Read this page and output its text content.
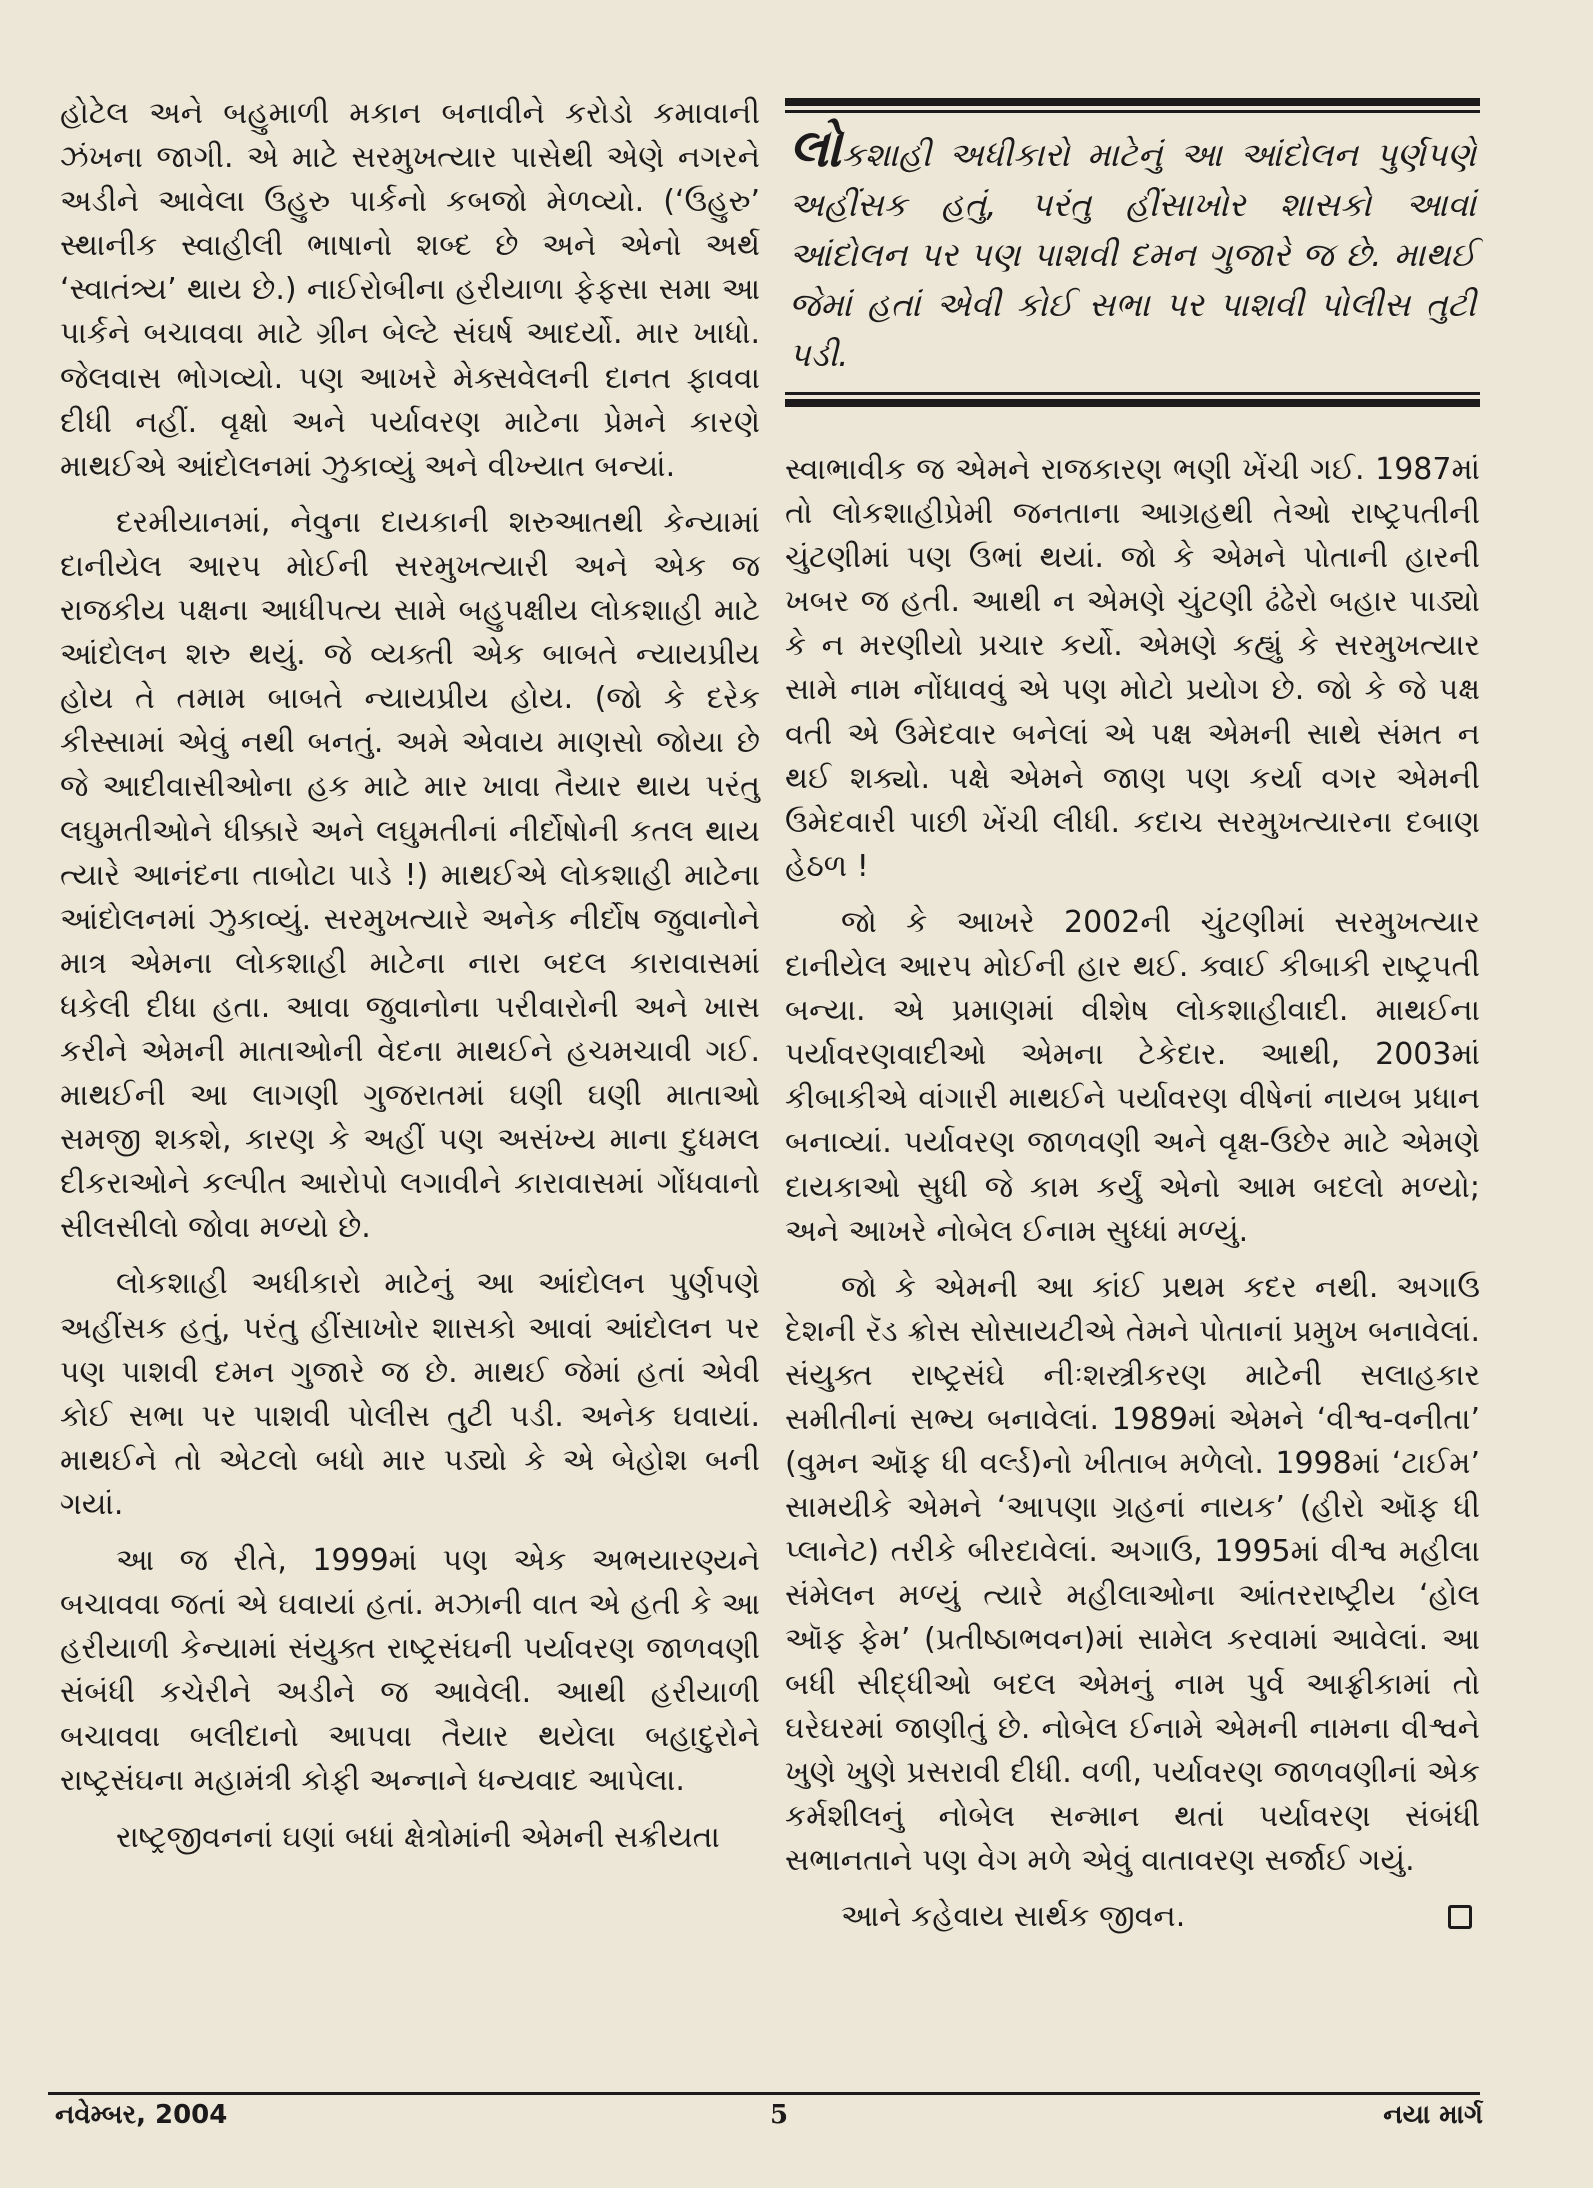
હોટેલ અને બહુમાળી મકાન બનાવીને કરોડો કમાવાની ઝંખના જાગી. એ માટે સરમુખત્યાર પાસેથી એણે નગરને અડીને આવેલા ઉહુરુ પાર્કનો કબજો મેળવ્યો. (‘ઉહુરુ’ સ્થાનીક સ્વાહીલી ભાષાનો શબ્દ છે અને એનો અર્થ ‘સ્વાતંત્ર્ય’ થાય છે.) નાઈરોબીના હરીયાળા ફેફસા સમા આ પાર્કને બચાવવા માટે ગ્રીન બેલ્ટે સંઘર્ષ આદર્યો. માર ખાધો. જેલવાસ ભોગવ્યો. પણ આખરે મેક્સવેલની દાનત ફાવવા દીધી નહીં. વૃક્ષો અને પર્યાવરણ માટેના પ્રેમને કારણે માથઈએ આંદોલનમાં ઝુકાવ્યું અને વીખ્યાત બન્યાં.

દરમીયાનમાં, નેવુના દાયકાની શરુઆતથી કેન્યામાં દાનીયેલ આરપ મોઈની સરમુખત્યારી અને એક જ રાજકીય પક્ષના આધીપત્ય સામે બહુપક્ષીય લોકશાહી માટે આંદોલન શરુ થયું. જે વ્યક્તી એક બાબતે ન્યાયપ્રીય હોય તે તમામ બાબતે ન્યાયપ્રીય હોય. (જો કે દરેક કીસ્સામાં એવું નથી બનતું. અમે એવાય માણસો જોયા છે જે આદીવાસીઓના હક માટે માર ખાવા તૈયાર થાય પરંતુ લઘુમતીઓને ધીક્કારે અને લઘુમતીનાં નીર્દોષોની કતલ થાય ત્યારે આનંદના તાબોટા પાડે !) માથઈએ લોકશાહી માટેના આંદોલનમાં ઝુકાવ્યું. સરમુખત્યારે અનેક નીર્દોષ જુવાનોને માત્ર એમના લોકશાહી માટેના નારા બદલ કારાવાસમાં ધકેલી દીધા હતા. આવા જુવાનોના પરીવારોની અને ખાસ કરીને એમની માતાઓની વેદના માથઈને હચમચાવી ગઈ. માથઈની આ લાગણી ગુજરાતમાં ઘણી ઘણી માતાઓ સમજી શકશે, કારણ કે અહીં પણ અસંખ્ય માના દુધમલ દીકરાઓને કલ્પીત આરોપો લગાવીને કારાવાસમાં ગોંધવાનો સીલસીલો જોવા મળ્યો છે.

લોકશાહી અધીકારો માટેનું આ આંદોલન પુર્ણપણે અહીંસક હતું, પરંતુ હીંસાખોર શાસકો આવાં આંદોલન પર પણ પાશવી દમન ગુજારે જ છે. માથઈ જેમાં હતાં એવી કોઈ સભા પર પાશવી પોલીસ તુટી પડી. અનેક ઘવાયાં. માથઈને તો એટલો બધો માર પડ્યો કે એ બેહોશ બની ગયાં.

આ જ રીતે, 1999માં પણ એક અભયારણ્યને બચાવવા જતાં એ ઘવાયાં હતાં. મઝાની વાત એ હતી કે આ હરીયાળી કેન્યામાં સંયુક્ત રાષ્ટ્રસંઘની પર્યાવરણ જાળવણી સંબંધી કચેરીને અડીને જ આવેલી. આથી હરીયાળી બચાવવા બલીદાનો આપવા તૈયાર થયેલા બહાદુરોને રાષ્ટ્રસંઘના મહામંત્રી કોફી અન્નાને ધન્યવાદ આપેલા.

રાષ્ટ્રજીવનનાં ઘણાં બધાં ક્ષેત્રોમાંની એમની સક્રીયતા

લોકશાહી અધીકારો માટેનું આ આંદોલન પુર્ણપણે અહીંસક હતું, પરંતુ હીંસાખોર શાસકો આવાં આંદોલન પર પણ પાશવી દમન ગુજારે જ છે. માથઈ જેમાં હતાં એવી કોઈ સભા પર પાશવી પોલીસ તુટી પડી.

સ્વાભાવીક જ એમને રાજકારણ ભણી ખેંચી ગઈ. 1987માં તો લોકશાહીપ્રેમી જનતાના આગ્રહથી તેઓ રાષ્ટ્રપતીની ચુંટણીમાં પણ ઉભાં થયાં. જો કે એમને પોતાની હારની ખબર જ હતી. આથી ન એમણે ચુંટણી ઢંઢેરો બહાર પાડ્યો કે ન મરણીયો પ્રચાર કર્યો. એમણે કહ્યું કે સરમુખત્યાર સામે નામ નોંધાવવું એ પણ મોટો પ્રયોગ છે. જો કે જે પક્ષ વતી એ ઉમેદવાર બનેલાં એ પક્ષ એમની સાથે સંમત ન થઈ શક્યો. પક્ષે એમને જાણ પણ કર્યા વગર એમની ઉમેદવારી પાછી ખેંચી લીધી. કદાચ સરમુખત્યારના દબાણ હેઠળ !

જો કે આખરે 2002ની ચુંટણીમાં સરમુખત્યાર દાનીયેલ આરપ મોઈની હાર થઈ. ક્વાઈ કીબાકી રાષ્ટ્રપતી બન્યા. એ પ્રમાણમાં વીશેષ લોકશાહીવાદી. માથઈના પર્યાવરણવાદીઓ એમના ટેકેદાર. આથી, 2003માં કીબાકીએ વાંગારી માથઈને પર્યાવરણ વીષેનાં નાયબ પ્રધાન બનાવ્યાં. પર્યાવરણ જાળવણી અને વૃક્ષ-ઉછેર માટે એમણે દાયકાઓ સુધી જે કામ કર્યું એનો આમ બદલો મળ્યો; અને આખરે નોબેલ ઈનામ સુધ્ધાં મળ્યું.

જો કે એમની આ કાંઈ પ્રથમ કદર નથી. અગાઉ દેશની રૅડ ક્રોસ સોસાયટીએ તેમને પોતાનાં પ્રમુખ બનાવેલાં. સંયુક્ત રાષ્ટ્રસંઘે નીઃશસ્ત્રીકરણ માટેની સલાહકાર સમીતીનાં સભ્ય બનાવેલાં. 1989માં એમને ‘વીશ્વ-વનીતા’ (વુમન ઑફ ધી વર્લ્ડ)નો ખીતાબ મળેલો. 1998માં ‘ટાઈમ’ સામયીકે એમને ‘આપણા ગ્રહનાં નાયક’ (હીરો ઑફ ધી પ્લાનેટ) તરીકે બીરદાવેલાં. અગાઉ, 1995માં વીશ્વ મહીલા સંમેલન મળ્યું ત્યારે મહીલાઓના આંતરરાષ્ટ્રીય ‘હોલ ઑફ ફેમ’ (પ્રતીષ્ઠાભવન)માં સામેલ કરવામાં આવેલાં. આ બધી સીદ્ધીઓ બદલ એમનું નામ પુર્વ આફ્રીકામાં તો ઘરેઘરમાં જાણીતું છે. નોબેલ ઈનામે એમની નામના વીશ્વને ખુણે ખુણે પ્રસરાવી દીધી. વળી, પર્યાવરણ જાળવણીનાં એક કર્મશીલનું નોબેલ સન્માન થતાં પર્યાવરણ સંબંધી સભાનતાને પણ વેગ મળે એવું વાતાવરણ સર્જાઈ ગયું.

આને કહેવાય સાર્થક જીવન.

નવેમ્બર, 2004	5	નયા માર્ગ
